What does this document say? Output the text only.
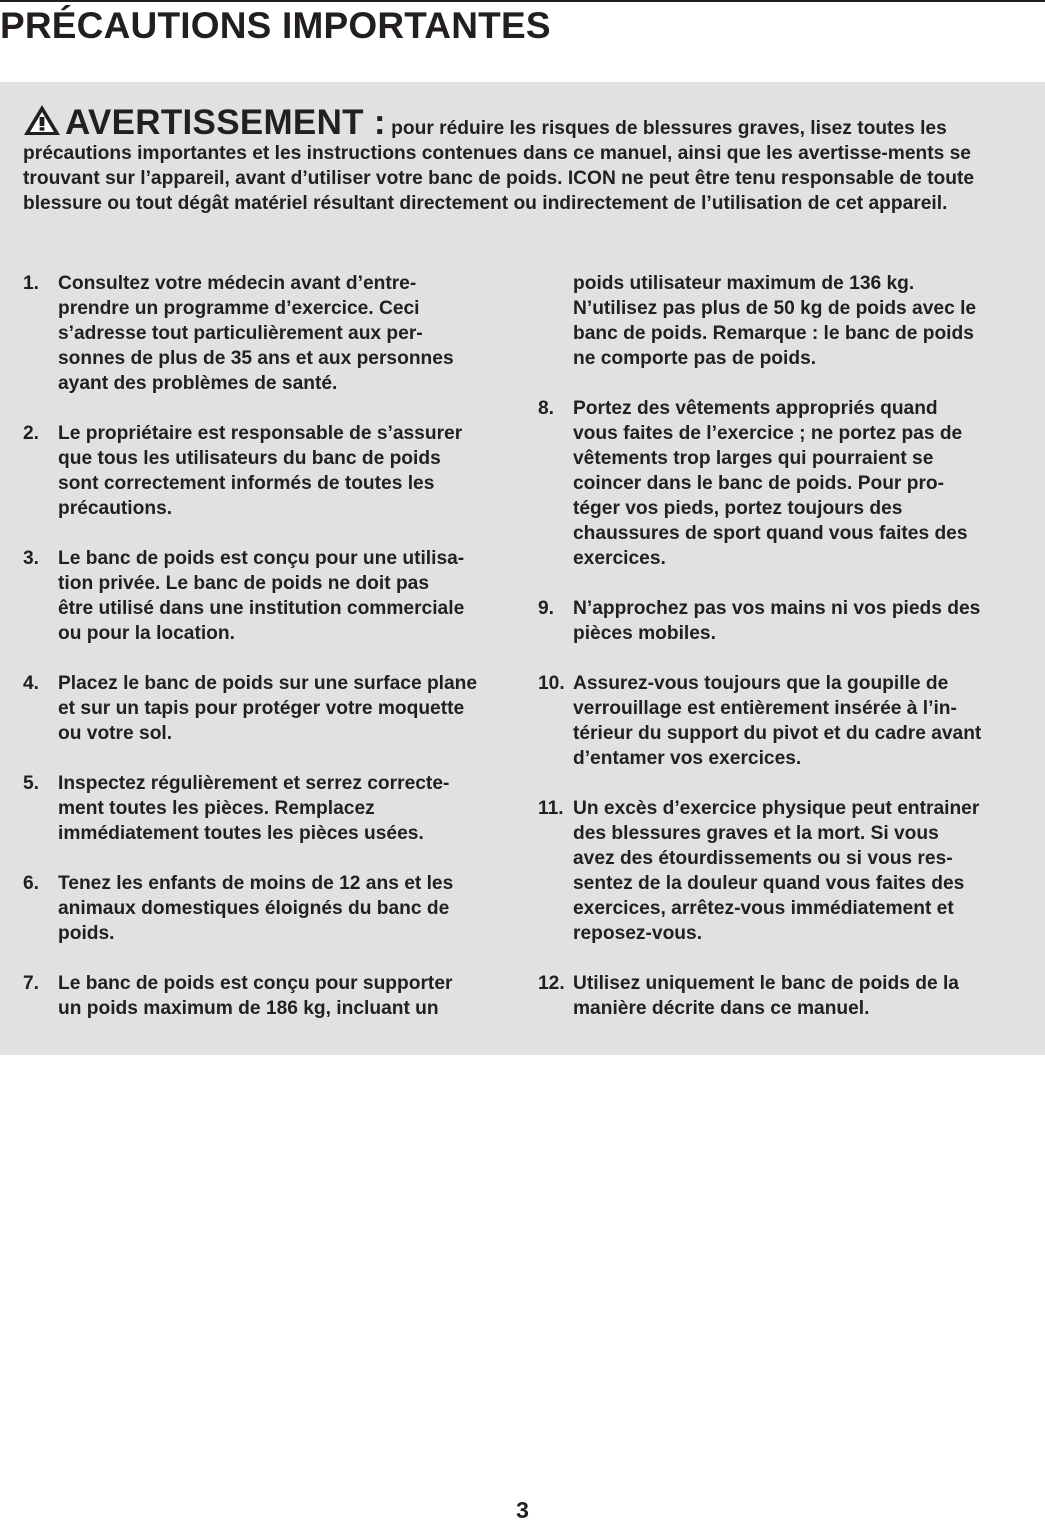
PRÉCAUTIONS IMPORTANTES

AVERTISSEMENT : pour réduire les risques de blessures graves, lisez toutes les précautions importantes et les instructions contenues dans ce manuel, ainsi que les avertisse-ments se trouvant sur l’appareil, avant d’utiliser votre banc de poids. ICON ne peut être tenu responsable de toute blessure ou tout dégât matériel résultant directement ou indirectement de l’utilisation de cet appareil.

1. Consultez votre médecin avant d’entre-
prendre un programme d’exercice. Ceci
s’adresse tout particulièrement aux per-
sonnes de plus de 35 ans et aux personnes
ayant des problèmes de santé.
2. Le propriétaire est responsable de s’assurer
que tous les utilisateurs du banc de poids
sont correctement informés de toutes les
précautions.
3. Le banc de poids est conçu pour une utilisa-
tion privée. Le banc de poids ne doit pas
être utilisé dans une institution commerciale
ou pour la location.
4. Placez le banc de poids sur une surface plane
et sur un tapis pour protéger votre moquette
ou votre sol.
5. Inspectez régulièrement et serrez correcte-
ment toutes les pièces. Remplacez
immédiatement toutes les pièces usées.
6. Tenez les enfants de moins de 12 ans et les
animaux domestiques éloignés du banc de
poids.
7. Le banc de poids est conçu pour supporter
un poids maximum de 186 kg, incluant un
poids utilisateur maximum de 136 kg.
N’utilisez pas plus de 50 kg de poids avec le
banc de poids. Remarque : le banc de poids
ne comporte pas de poids.
8. Portez des vêtements appropriés quand
vous faites de l’exercice ; ne portez pas de
vêtements trop larges qui pourraient se
coincer dans le banc de poids. Pour pro-
téger vos pieds, portez toujours des
chaussures de sport quand vous faites des
exercices.
9. N’approchez pas vos mains ni vos pieds des
pièces mobiles.
10. Assurez-vous toujours que la goupille de
verrouillage est entièrement insérée à l’in-
térieur du support du pivot et du cadre avant
d’entamer vos exercices.
11. Un excès d’exercice physique peut entrainer
des blessures graves et la mort. Si vous
avez des étourdissements ou si vous res-
sentez de la douleur quand vous faites des
exercices, arrêtez-vous immédiatement et
reposez-vous.
12. Utilisez uniquement le banc de poids de la
manière décrite dans ce manuel.
3
